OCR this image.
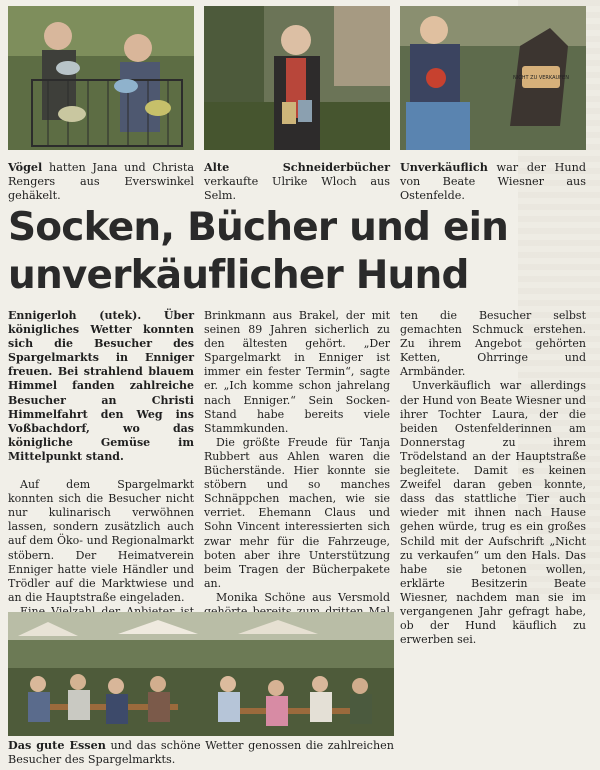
Vögel hatten Jana und Christa Rengers aus Everswinkel gehäkelt.
Alte Schneiderbücher verkaufte Ulrike Wloch aus Selm.
NICHT ZU VERKAUFEN
Unverkäuflich war der Hund von Beate Wiesner aus Ostenfelde.
Socken, Bücher und ein unverkäuflicher Hund

Ennigerloh (utek). Über königliches Wetter konnten sich die Besucher des Spargelmarkts in Enniger freuen. Bei strahlend blauem Himmel fanden zahlreiche Besucher an Christi Himmelfahrt den Weg ins Voßbachdorf, wo das königliche Gemüse im Mittelpunkt stand.

Auf dem Spargelmarkt konnten sich die Besucher nicht nur kulinarisch verwöhnen lassen, sondern zusätzlich auch auf dem Öko- und Regionalmarkt stöbern. Der Heimatverein Enniger hatte viele Händler und Trödler auf die Marktwiese und an die Hauptstraße eingeladen.

Brinkmann aus Brakel, der mit seinen 89 Jahren sicherlich zu den ältesten gehört. „Der Spargelmarkt in Enniger ist immer ein fester Termin“, sagte er. „Ich komme schon jahrelang nach Enniger.“ Sein Socken-Stand habe bereits viele Stammkunden.

Die größte Freude für Tanja Rubbert aus Ahlen waren die Bücherstände. Hier konnte sie stöbern und so manches Schnäppchen machen, wie sie verriet. Ehemann Claus und Sohn Vincent interessierten sich zwar mehr für die Fahrzeuge, boten aber ihre Unterstützung beim Tragen der Bücherpakete an.

Monika Schöne aus Versmold

ten die Besucher selbst gemachten Schmuck erstehen. Zu ihrem Angebot gehörten Ketten, Ohrringe und Armbänder.

Unverkäuflich war allerdings der Hund von Beate Wiesner und ihrer Tochter Laura, der die beiden Ostenfelderinnen am Donnerstag zu ihrem Trödelstand an der Hauptstraße begleitete. Damit es keinen Zweifel daran geben konnte, dass das stattliche Tier auch wieder mit ihnen nach Hause gehen würde, trug es ein großes Schild mit der Aufschrift „Nicht zu verkaufen“ um den Hals. Das habe sie betonen wollen, erklärte Besitzerin Beate Wiesner, nachdem man sie im vergangenen Jahr gefragt habe, ob der Hund käuflich zu erwerben sei.

Das gute Essen und das schöne Wetter genossen die zahlreichen Besucher des Spargelmarkts.
